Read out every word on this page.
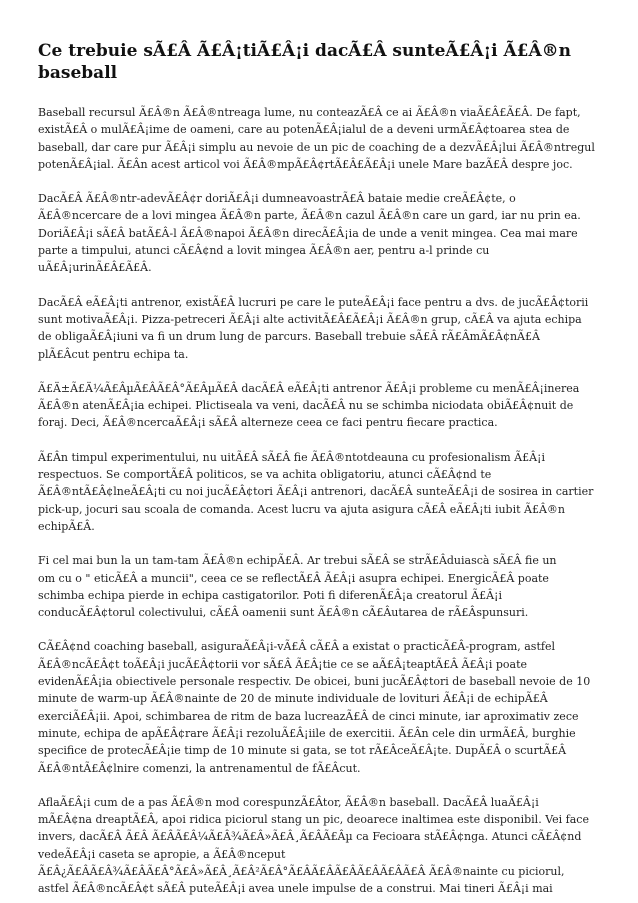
Ce trebuie sÃ£Â Ã£Â¡tiÃ£Â¡i dacÃ£Â sunteÃ£Â¡i Ã£Â®n baseball

Baseball recursul Ã£Â®n Ã£Â®ntreaga lume, nu conteazÃ£Â ce ai Ã£Â®n viaÃ£Â£Ã£Â. De fapt,
existÃ£Â o mulÃ£Â¡ime de oameni, care au potenÃ£Â¡ialul de a deveni urmÃ£Â¢toarea stea de
baseball, dar care pur Ã£Â¡i simplu au nevoie de un pic de coaching de a dezvÃ£Â¡lui Ã£Â®ntregul
potenÃ£Â¡ial. Ã£Ân acest articol voi Ã£Â®mpÃ£Â¢rtÃ£Â£Ã£Â¡i unele Mare bazÃ£Â despre joc.

DacÃ£Â Ã£Â®ntr-adevÃ£Â¢r doriÃ£Â¡i dumneavoastrÃ£Â bataie medie creÃ£Â¢te, o
Ã£Â®ncercare de a lovi mingea Ã£Â®n parte, Ã£Â®n cazul Ã£Â®n care un gard, iar nu prin ea.
DoriÃ£Â¡i sÃ£Â batÃ£Â-l Ã£Â®napoi Ã£Â®n direcÃ£Â¡ia de unde a venit mingea. Cea mai mare
parte a timpului, atunci cÃ£Â¢nd a lovit mingea Ã£Â®n aer, pentru a-l prinde cu
uÃ£Â¡urinÃ£Â£Ã£Â.

DacÃ£Â eÃ£Â¡ti antrenor, existÃ£Â lucruri pe care le puteÃ£Â¡i face pentru a dvs. de jucÃ£Â¢torii
sunt motivaÃ£Â¡i. Pizza-petreceri Ã£Â¡i alte activitÃ£Â£Ã£Â¡i Ã£Â®n grup, cÃ£Â va ajuta echipa
de obligaÃ£Â¡iuni va fi un drum lung de parcurs. Baseball trebuie sÃ£Â rÃ£ÂmÃ£Â¢nÃ£Â
plÃ£Âcut pentru echipa ta.

Ã£Ä±Ã£Ä¼Ã£ÂµÃ£ÂÃ£Â°Ã£ÂµÃ£Â dacÃ£Â eÃ£Â¡ti antrenor Ã£Â¡i probleme cu menÃ£Â¡inerea
Ã£Â®n atenÃ£Â¡ia echipei. Plictiseala va veni, dacÃ£Â nu se schimba niciodata obiÃ£Â¢nuit de
foraj. Deci, Ã£Â®ncercaÃ£Â¡i sÃ£Â alterneze ceea ce faci pentru fiecare practica.

Ã£Ân timpul experimentului, nu uitÃ£Â sÃ£Â fie Ã£Â®ntotdeauna cu profesionalism Ã£Â¡i
respectuos. Se comportÃ£Â politicos, se va achita obligatoriu, atunci cÃ£Â¢nd te
Ã£Â®ntÃ£Â¢lneÃ£Â¡ti cu noi jucÃ£Â¢tori Ã£Â¡i antrenori, dacÃ£Â sunteÃ£Â¡i de sosirea in cartier
pick-up, jocuri sau scoala de comanda. Acest lucru va ajuta asigura cÃ£Â eÃ£Â¡ti iubit Ã£Â®n
echipÃ£Â.

Fi cel mai bun la un tam-tam Ã£Â®n echipÃ£Â. Ar trebui sÃ£Â se strÃ£Âduiascà sÃ£Â fie un
om cu o " eticÃ£Â a muncii", ceea ce se reflectÃ£Â Ã£Â¡i asupra echipei. EnergicÃ£Â poate
schimba echipa pierde in echipa castigatorilor. Poti fi diferenÃ£Â¡a creatorul Ã£Â¡i
conducÃ£Â¢torul colectivului, cÃ£Â oamenii sunt Ã£Â®n cÃ£Âutarea de rÃ£Âspunsuri.

CÃ£Â¢nd coaching baseball, asiguraÃ£Â¡i-vÃ£Â cÃ£Â a existat o practicÃ£Â-program, astfel
Ã£Â®ncÃ£Â¢t toÃ£Â¡i jucÃ£Â¢torii vor sÃ£Â Ã£Â¡tie ce se aÃ£Â¡teaptÃ£Â Ã£Â¡i poate
evidenÃ£Â¡ia obiectivele personale respectiv. De obicei, buni jucÃ£Â¢tori de baseball nevoie de 10
minute de warm-up Ã£Â®nainte de 20 de minute individuale de lovituri Ã£Â¡i de echipÃ£Â
exerciÃ£Â¡ii. Apoi, schimbarea de ritm de baza lucreazÃ£Â de cinci minute, iar aproximativ zece
minute, echipa de apÃ£Â¢rare Ã£Â¡i rezoluÃ£Â¡iile de exercitii. Ã£Ân cele din urmÃ£Â, burghie
specifice de protecÃ£Â¡ie timp de 10 minute si gata, se tot rÃ£ÂceÃ£Â¡te. DupÃ£Â o scurtÃ£Â
Ã£Â®ntÃ£Â¢lnire comenzi, la antrenamentul de fÃ£Âcut.

AflaÃ£Â¡i cum de a pas Ã£Â®n mod corespunzÃ£Âtor, Ã£Â®n baseball. DacÃ£Â luaÃ£Â¡i
mÃ£Â¢na dreaptÃ£Â, apoi ridica piciorul stang un pic, deoarece inaltimea este disponibil. Vei face
invers, dacÃ£Â Ã£Â Ã£ÂÃ£Â¼Ã£Â¾Ã£Â»Ã£Â¸Ã£ÂÃ£Âµ ca Fecioara stÃ£Â¢nga. Atunci cÃ£Â¢nd
vedeÃ£Â¡i caseta se apropie, a Ã£Â®nceput
Ã£Â¿Ã£ÂÃ£Â¾Ã£ÂÃ£Â°Ã£Â»Ã£Â¸Ã£Â²Ã£Â°Ã£ÂÃ£ÂÃ£ÂÃ£ÂÃ£ÂÃ£Â Ã£Â®nainte cu piciorul,
astfel Ã£Â®ncÃ£Â¢t sÃ£Â puteÃ£Â¡i avea unele impulse de a construi. Mai tineri Ã£Â¡i mai
